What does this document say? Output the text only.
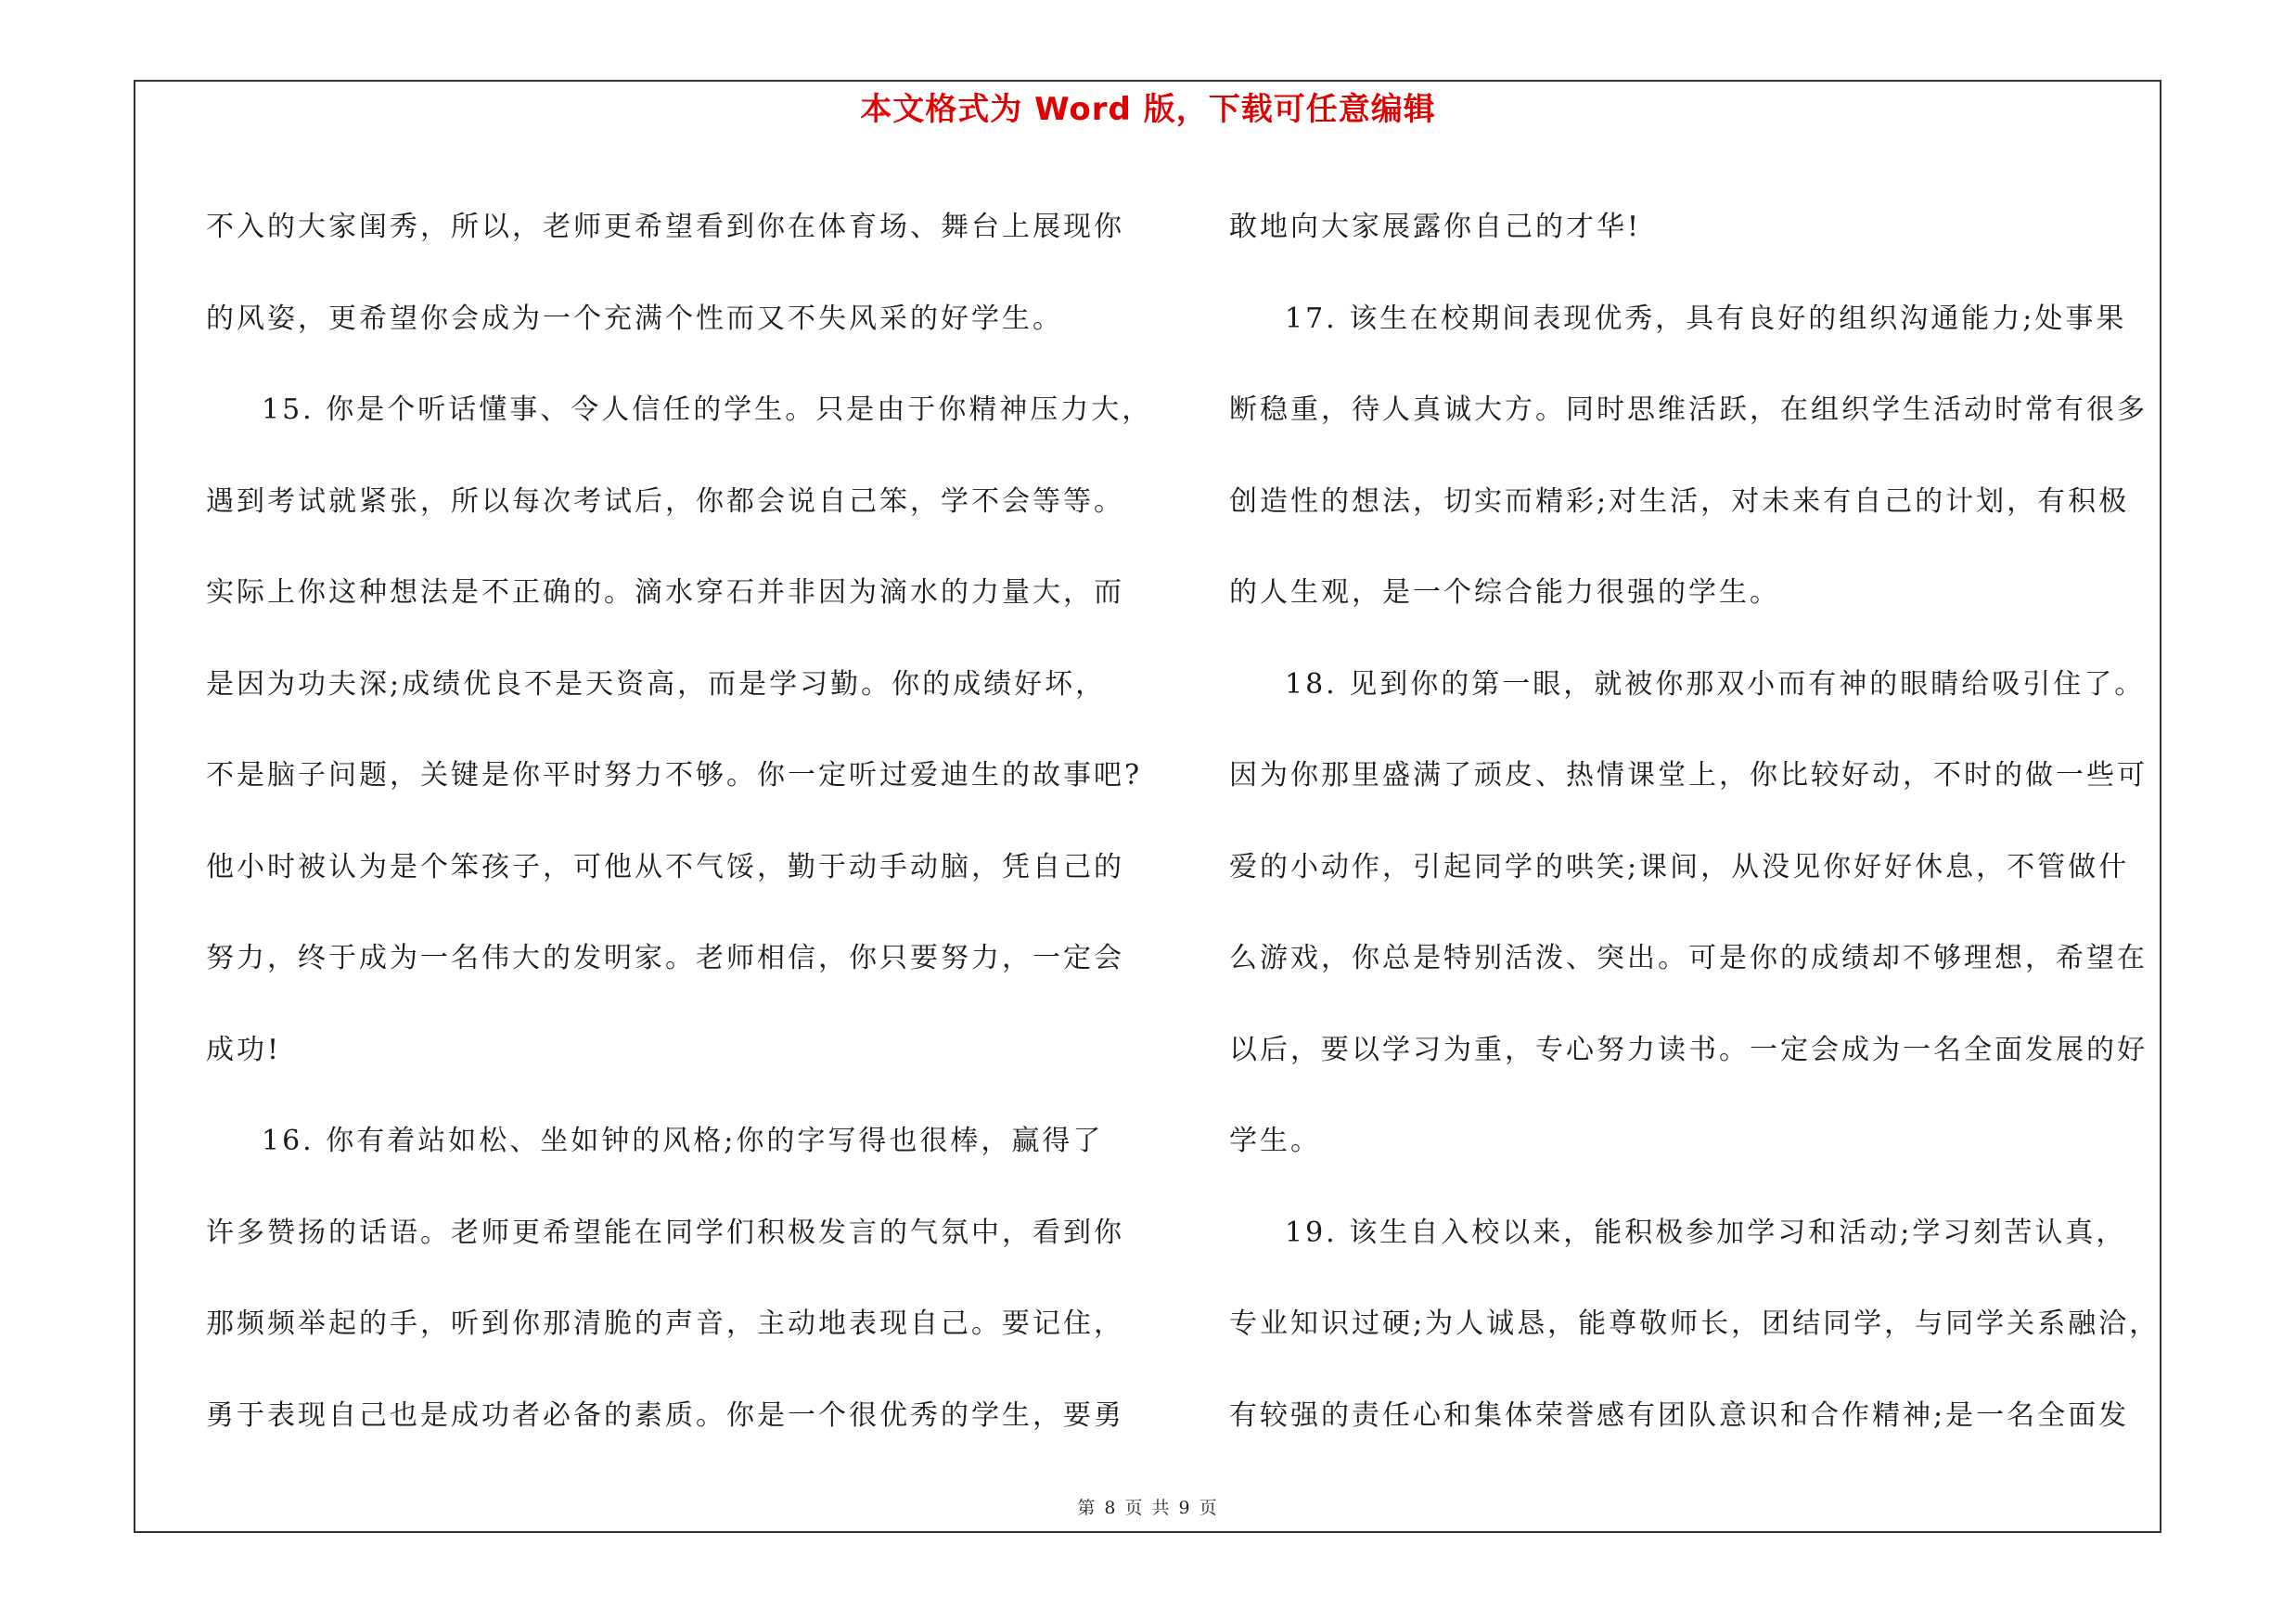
本文格式为 Word 版，下载可任意编辑
不入的大家闺秀，所以，老师更希望看到你在体育场、舞台上展现你
的风姿，更希望你会成为一个充满个性而又不失风采的好学生。
15. 你是个听话懂事、令人信任的学生。只是由于你精神压力大，
遇到考试就紧张，所以每次考试后，你都会说自己笨，学不会等等。
实际上你这种想法是不正确的。滴水穿石并非因为滴水的力量大，而
是因为功夫深;成绩优良不是天资高，而是学习勤。你的成绩好坏，
不是脑子问题，关键是你平时努力不够。你一定听过爱迪生的故事吧?
他小时被认为是个笨孩子，可他从不气馁，勤于动手动脑，凭自己的
努力，终于成为一名伟大的发明家。老师相信，你只要努力，一定会
成功!
16. 你有着站如松、坐如钟的风格;你的字写得也很棒，赢得了
许多赞扬的话语。老师更希望能在同学们积极发言的气氛中，看到你
那频频举起的手，听到你那清脆的声音，主动地表现自己。要记住，
勇于表现自己也是成功者必备的素质。你是一个很优秀的学生，要勇
敢地向大家展露你自己的才华!
17. 该生在校期间表现优秀，具有良好的组织沟通能力;处事果
断稳重，待人真诚大方。同时思维活跃，在组织学生活动时常有很多
创造性的想法，切实而精彩;对生活，对未来有自己的计划，有积极
的人生观，是一个综合能力很强的学生。
18. 见到你的第一眼，就被你那双小而有神的眼睛给吸引住了。
因为你那里盛满了顽皮、热情课堂上，你比较好动，不时的做一些可
爱的小动作，引起同学的哄笑;课间，从没见你好好休息，不管做什
么游戏，你总是特别活泼、突出。可是你的成绩却不够理想，希望在
以后，要以学习为重，专心努力读书。一定会成为一名全面发展的好
学生。
19. 该生自入校以来，能积极参加学习和活动;学习刻苦认真，
专业知识过硬;为人诚恳，能尊敬师长，团结同学，与同学关系融洽，
有较强的责任心和集体荣誉感有团队意识和合作精神;是一名全面发
第 8 页 共 9 页
